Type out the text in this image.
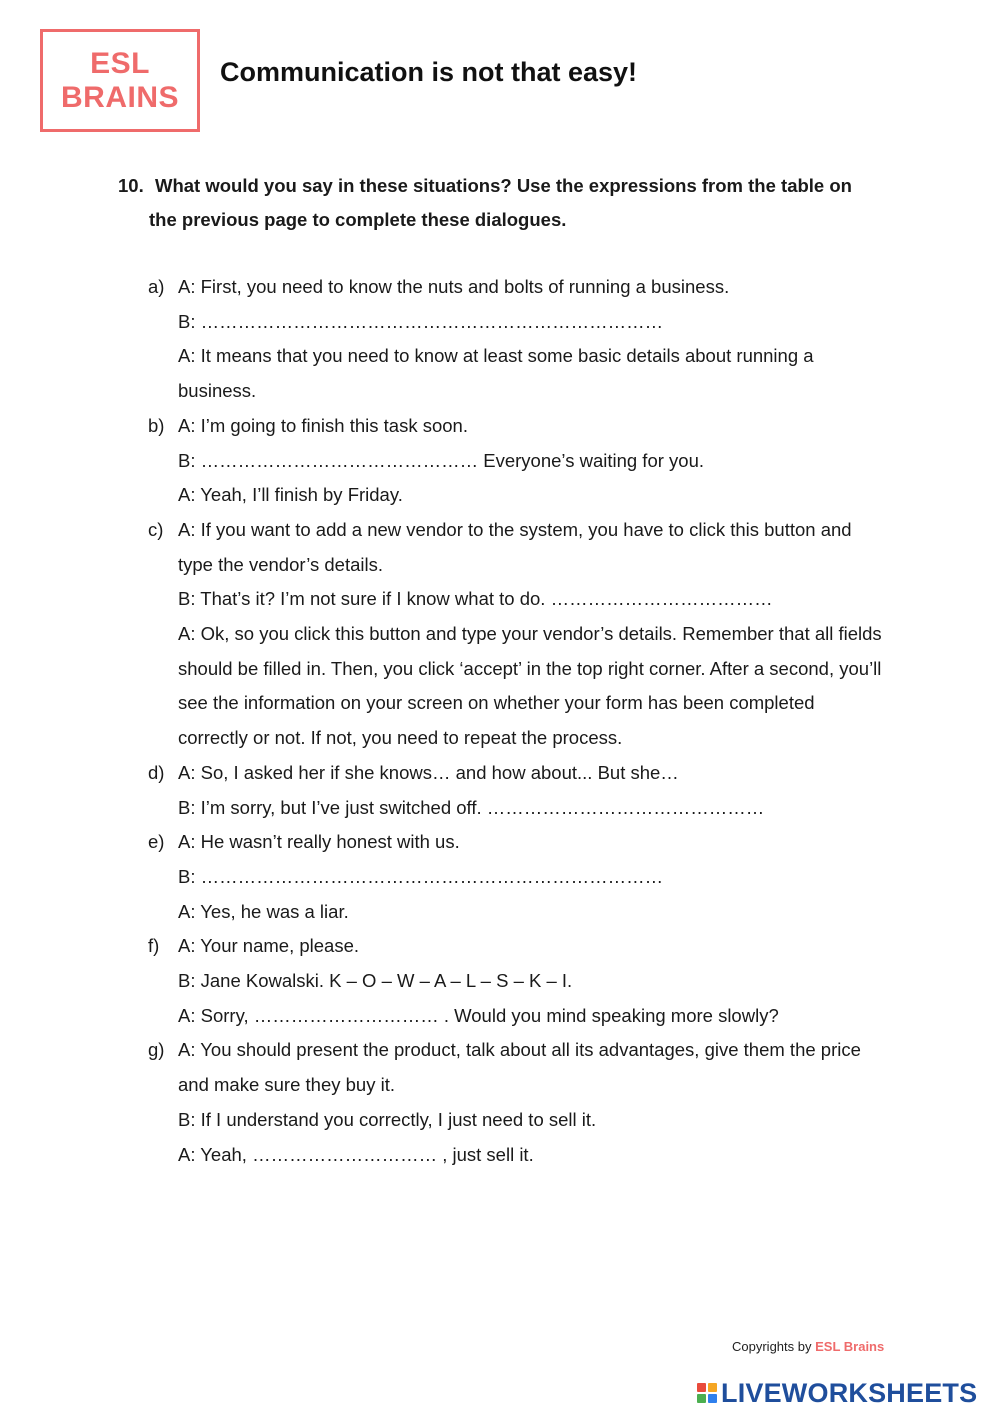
ESL
BRAINS
Communication is not that easy!
10. What would you say in these situations? Use the expressions from the table on the previous page to complete these dialogues.
a) A: First, you need to know the nuts and bolts of running a business.
B: …………………………………………………………………
A: It means that you need to know at least some basic details about running a business.
b) A: I’m going to finish this task soon.
B: ……………………………………… Everyone’s waiting for you.
A: Yeah, I’ll finish by Friday.
c) A: If you want to add a new vendor to the system, you have to click this button and type the vendor’s details.
B: That’s it? I’m not sure if I know what to do. ………………………………
A: Ok, so you click this button and type your vendor’s details. Remember that all fields should be filled in. Then, you click ‘accept’ in the top right corner. After a second, you’ll see the information on your screen on whether your form has been completed correctly or not. If not, you need to repeat the process.
d) A: So, I asked her if she knows… and how about... But she…
B: I’m sorry, but I’ve just switched off. ………………………………………
e) A: He wasn’t really honest with us.
B: …………………………………………………………………
A: Yes, he was a liar.
f) A: Your name, please.
B: Jane Kowalski. K – O – W – A – L – S – K – I.
A: Sorry, ………………………… . Would you mind speaking more slowly?
g) A: You should present the product, talk about all its advantages, give them the price and make sure they buy it.
B: If I understand you correctly, I just need to sell it.
A: Yeah, ………………………… , just sell it.
Copyrights by ESL Brains
LIVEWORKSHEETS
